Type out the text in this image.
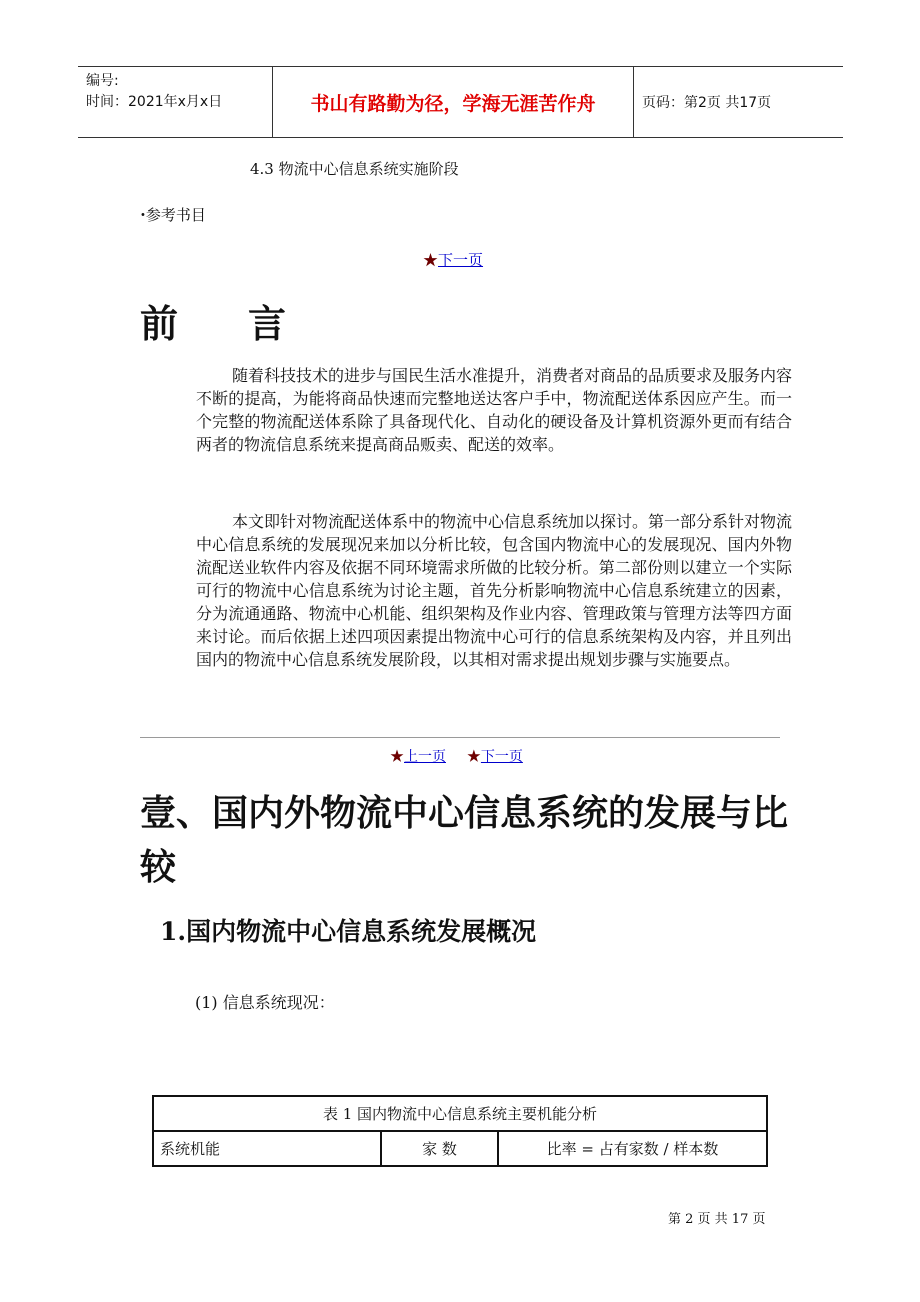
编号:
时间：2021年x月x日	书山有路勤为径，学海无涯苦作舟	页码：第2页 共17页
4.3 物流中心信息系统实施阶段
•参考书目
★下一页
前 言

随着科技技术的进步与国民生活水准提升，消费者对商品的品质要求及服务内容不断的提高，为能将商品快速而完整地送达客户手中，物流配送体系因应产生。而一个完整的物流配送体系除了具备现代化、自动化的硬设备及计算机资源外更而有结合两者的物流信息系统来提高商品贩卖、配送的效率。

本文即针对物流配送体系中的物流中心信息系统加以探讨。第一部分系针对物流中心信息系统的发展现况来加以分析比较，包含国内物流中心的发展现况、国内外物流配送业软件内容及依据不同环境需求所做的比较分析。第二部份则以建立一个实际可行的物流中心信息系统为讨论主题，首先分析影响物流中心信息系统建立的因素，分为流通通路、物流中心机能、组织架构及作业内容、管理政策与管理方法等四方面来讨论。而后依据上述四项因素提出物流中心可行的信息系统架构及内容，并且列出国内的物流中心信息系统发展阶段，以其相对需求提出规划步骤与实施要点。

★上一页 ★下一页
壹、国内外物流中心信息系统的发展与比较
1.国内物流中心信息系统发展概况
(1) 信息系统现况：
表 1 国内物流中心信息系统主要机能分析
系统机能	家 数	比率 = 占有家数 / 样本数
第 2 页 共 17 页
